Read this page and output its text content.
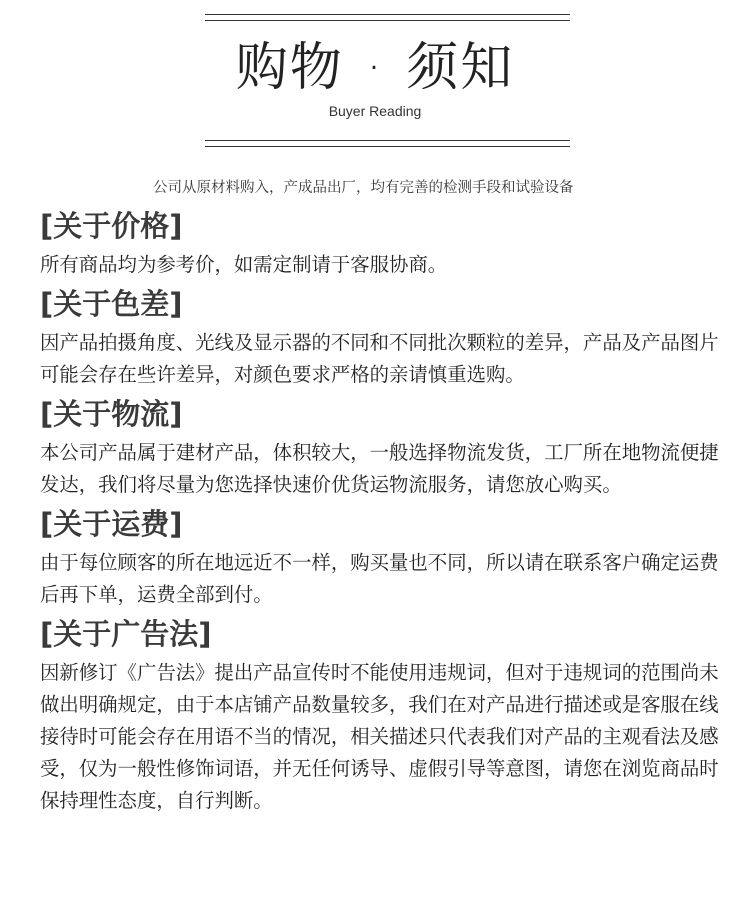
购物 · 须知
Buyer Reading
公司从原材料购入，产成品出厂，均有完善的检测手段和试验设备
[关于价格]

所有商品均为参考价，如需定制请于客服协商。

[关于色差]

因产品拍摄角度、光线及显示器的不同和不同批次颗粒的差异，产品及产品图片可能会存在些许差异，对颜色要求严格的亲请慎重选购。

[关于物流]

本公司产品属于建材产品，体积较大，一般选择物流发货，工厂所在地物流便捷发达，我们将尽量为您选择快速价优货运物流服务，请您放心购买。

[关于运费]

由于每位顾客的所在地远近不一样，购买量也不同，所以请在联系客户确定运费后再下单，运费全部到付。

[关于广告法]

因新修订《广告法》提出产品宣传时不能使用违规词，但对于违规词的范围尚未做出明确规定，由于本店铺产品数量较多，我们在对产品进行描述或是客服在线接待时可能会存在用语不当的情况，相关描述只代表我们对产品的主观看法及感受，仅为一般性修饰词语，并无任何诱导、虚假引导等意图，请您在浏览商品时保持理性态度，自行判断。
